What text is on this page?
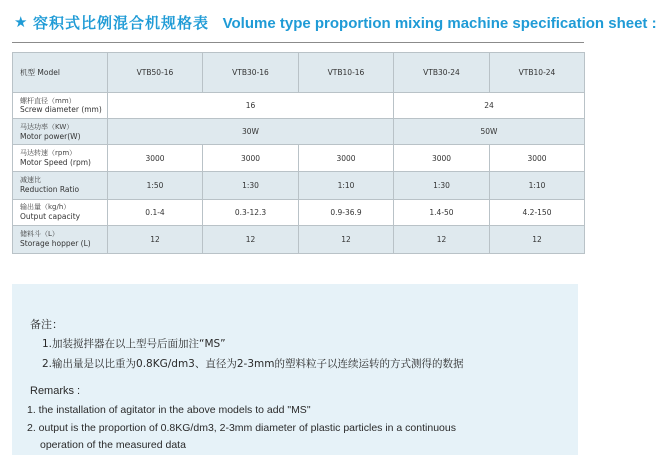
★ 容积式比例混合机规格表 Volume type proportion mixing machine specification sheet :
机型 Model	VTB50-16	VTB30-16	VTB10-16	VTB30-24	VTB10-24

螺杆直径（mm）
Screw diameter (mm)	16			24	

马达功率（KW）
Motor power(W)	30W			50W	

马达转速（rpm）
Motor Speed (rpm)	3000	3000	3000	3000	3000

减速比
Reduction Ratio	1:50	1:30	1:10	1:30	1:10

输出量（kg/h）
Output capacity	0.1-4	0.3-12.3	0.9-36.9	1.4-50	4.2-150

储料斗（L）
Storage hopper (L)	12	12	12	12	12

备注：

1.加装搅拌器在以上型号后面加注“MS”

2.输出量是以比重为0.8KG/dm3、直径为2-3mm的塑料粒子以连续运转的方式测得的数据

Remarks :

1. the installation of agitator in the above models to add "MS"

2. output is the proportion of 0.8KG/dm3, 2-3mm diameter of plastic particles in a continuous

operation of the measured data
